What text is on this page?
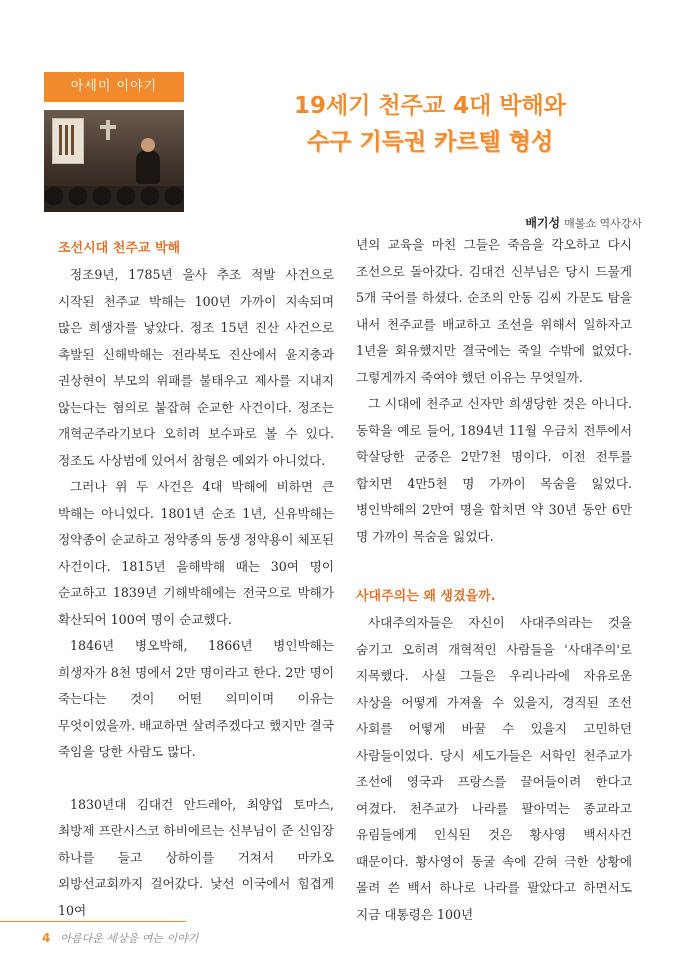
아세미 이야기
19세기 천주교 4대 박해와
수구 기득권 카르텔 형성
배기성 매볼쇼 역사강사
조선시대 천주교 박해

정조9년, 1785년 을사 추조 적발 사건으로 시작된 천주교 박해는 100년 가까이 지속되며 많은 희생자를 낳았다. 정조 15년 진산 사건으로 촉발된 신해박해는 전라북도 진산에서 윤지충과 권상현이 부모의 위패를 불태우고 제사를 지내지 않는다는 혐의로 붙잡혀 순교한 사건이다. 정조는 개혁군주라기보다 오히려 보수파로 볼 수 있다. 정조도 사상범에 있어서 참형은 예외가 아니었다.

그러나 위 두 사건은 4대 박해에 비하면 큰 박해는 아니었다. 1801년 순조 1년, 신유박해는 정약종이 순교하고 정약종의 동생 정약용이 체포된 사건이다. 1815년 을해박해 때는 30여 명이 순교하고 1839년 기해박해에는 전국으로 박해가 확산되어 100여 명이 순교했다.

1846년 병오박해, 1866년 병인박해는 희생자가 8천 명에서 2만 명이라고 한다. 2만 명이 죽는다는 것이 어떤 의미이며 이유는 무엇이었을까. 배교하면 살려주겠다고 했지만 결국 죽임을 당한 사람도 많다.

1830년대 김대건 안드레아, 최양업 토마스, 최방제 프란시스코 하비에르는 신부님이 준 신임장 하나를 들고 상하이를 거쳐서 마카오 외방선교회까지 걸어갔다. 낯선 이국에서 힘겹게 10여

년의 교육을 마친 그들은 죽음을 각오하고 다시 조선으로 돌아갔다. 김대건 신부님은 당시 드물게 5개 국어를 하셨다. 순조의 안동 김씨 가문도 탐을 내서 천주교를 배교하고 조선을 위해서 일하자고 1년을 회유했지만 결국에는 죽일 수밖에 없었다. 그렇게까지 죽여야 했던 이유는 무엇일까.

그 시대에 천주교 신자만 희생당한 것은 아니다. 동학을 예로 들어, 1894년 11월 우금치 전투에서 학살당한 군중은 2만7천 명이다. 이전 전투를 합치면 4만5천 명 가까이 목숨을 잃었다. 병인박해의 2만여 명을 합치면 약 30년 동안 6만 명 가까이 목숨을 잃었다.

사대주의는 왜 생겼을까.

사대주의자들은 자신이 사대주의라는 것을 숨기고 오히려 개혁적인 사람들을 '사대주의'로 지목했다. 사실 그들은 우리나라에 자유로운 사상을 어떻게 가져올 수 있을지, 경직된 조선 사회를 어떻게 바꿀 수 있을지 고민하던 사람들이었다. 당시 세도가들은 서학인 천주교가 조선에 영국과 프랑스를 끌어들이려 한다고 여겼다. 천주교가 나라를 팔아먹는 종교라고 유림들에게 인식된 것은 황사영 백서사건 때문이다. 황사영이 동굴 속에 갇혀 극한 상황에 몰려 쓴 백서 하나로 나라를 팔았다고 하면서도 지금 대통령은 100년

4 아름다운 세상을 여는 이야기
